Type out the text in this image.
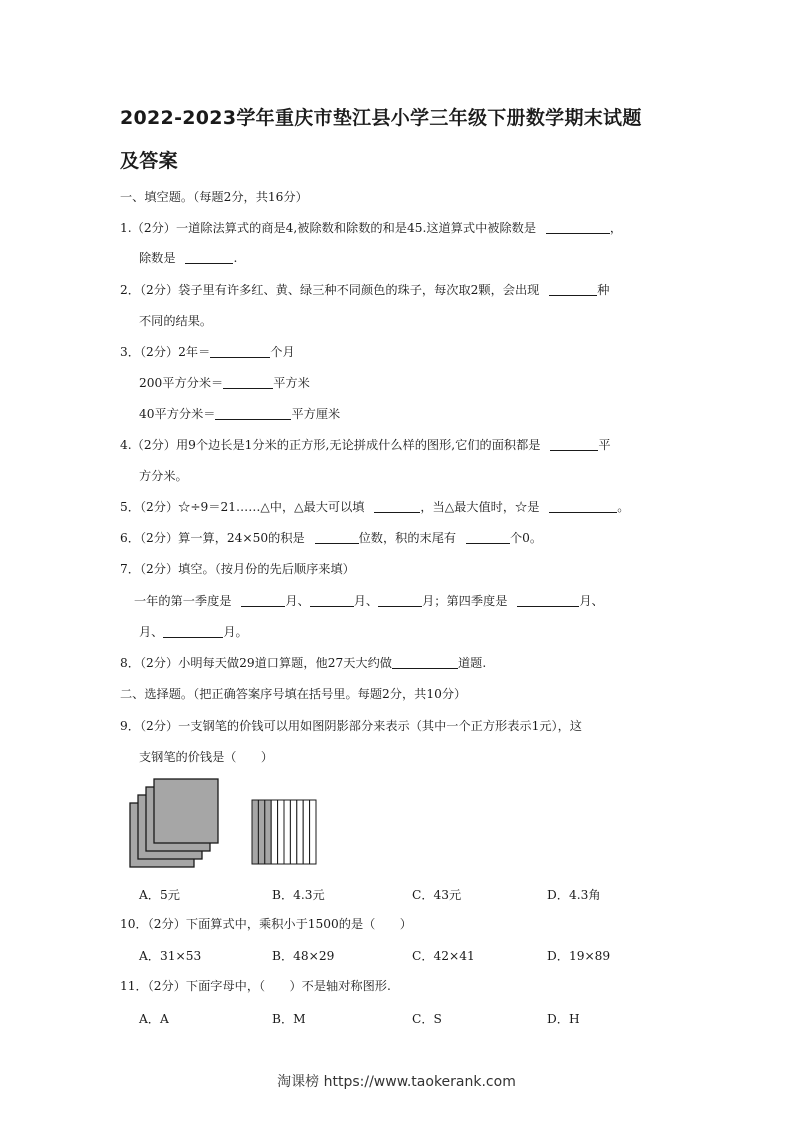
2022-2023学年重庆市垫江县小学三年级下册数学期末试题
及答案
一、填空题。（每题2分，共16分）
1.（2分）一道除法算式的商是4,被除数和除数的和是45.这道算式中被除数是	，
除数是	.
2．（2分）袋子里有许多红、黄、绿三种不同颜色的珠子，每次取2颗，会出现	种
不同的结果。
3．（2分）2年＝	个月
200平方分米＝	平方米
40平方分米＝	平方厘米
4.（2分）用9个边长是1分米的正方形,无论拼成什么样的图形,它们的面积都是	平
方分米。
5．（2分）☆÷9＝21……△中，△最大可以填	，当△最大值时，☆是	。
6．（2分）算一算，24×50的积是	位数，积的末尾有	个0。
7．（2分）填空。（按月份的先后顺序来填）
一年的第一季度是	月、	月、	月；第四季度是	月、
月、	月。
8．（2分）小明每天做29道口算题，他27天大约做	道题.
二、选择题。（把正确答案序号填在括号里。每题2分，共10分）
9．（2分）一支钢笔的价钱可以用如图阴影部分来表示（其中一个正方形表示1元），这
支钢笔的价钱是（　　）
A．5元	B．4.3元	C．43元	D．4.3角
10．（2分）下面算式中，乘积小于1500的是（　　）
A．31×53	B．48×29	C．42×41	D．19×89
11．（2分）下面字母中，（　　）不是轴对称图形.
A．A	B．M	C．S	D．H
淘课榜 https://www.taokerank.com
